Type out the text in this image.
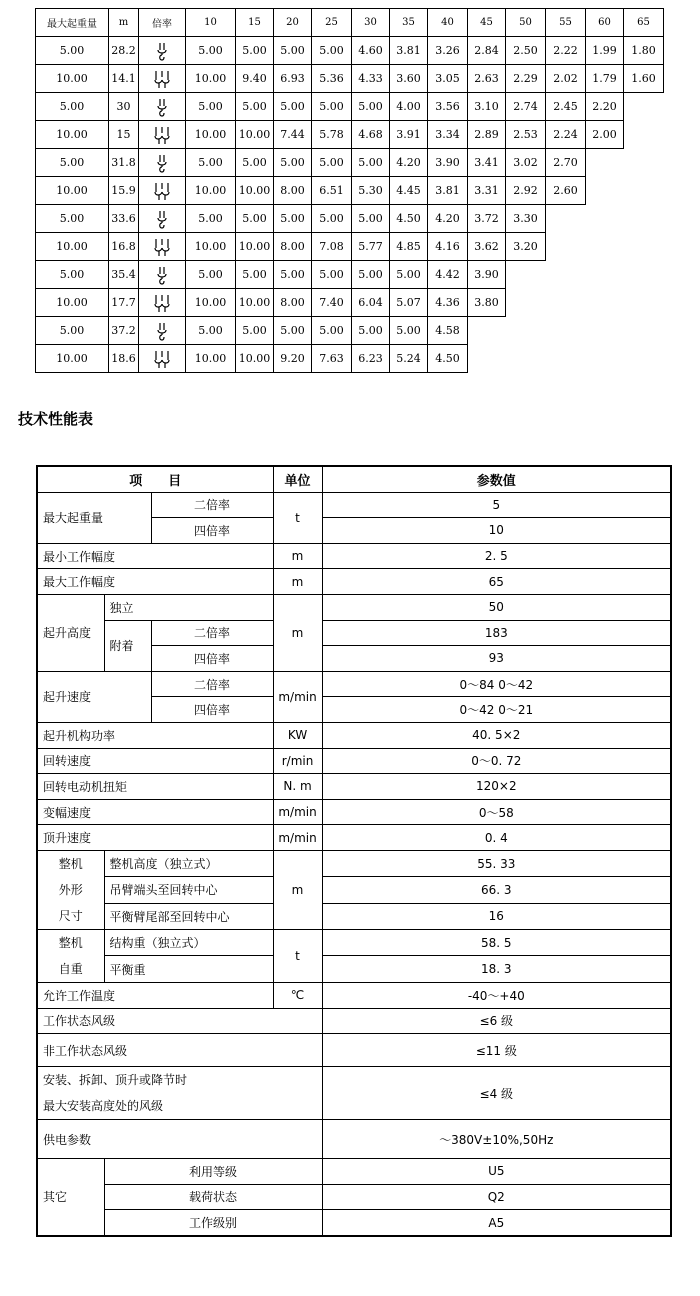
最大起重量	m	倍率	10	15	20	25	30	35	40	45	50	55	60	65
5.00	28.2		5.00	5.00	5.00	5.00	4.60	3.81	3.26	2.84	2.50	2.22	1.99	1.80
10.00	14.1		10.00	9.40	6.93	5.36	4.33	3.60	3.05	2.63	2.29	2.02	1.79	1.60
5.00	30		5.00	5.00	5.00	5.00	5.00	4.00	3.56	3.10	2.74	2.45	2.20	
10.00	15		10.00	10.00	7.44	5.78	4.68	3.91	3.34	2.89	2.53	2.24	2.00	
5.00	31.8		5.00	5.00	5.00	5.00	5.00	4.20	3.90	3.41	3.02	2.70		
10.00	15.9		10.00	10.00	8.00	6.51	5.30	4.45	3.81	3.31	2.92	2.60		
5.00	33.6		5.00	5.00	5.00	5.00	5.00	4.50	4.20	3.72	3.30			
10.00	16.8		10.00	10.00	8.00	7.08	5.77	4.85	4.16	3.62	3.20			
5.00	35.4		5.00	5.00	5.00	5.00	5.00	5.00	4.42	3.90				
10.00	17.7		10.00	10.00	8.00	7.40	6.04	5.07	4.36	3.80				
5.00	37.2		5.00	5.00	5.00	5.00	5.00	5.00	4.58					
10.00	18.6		10.00	10.00	9.20	7.63	6.23	5.24	4.50					
技术性能表
项　　目			单位	参数值
最大起重量		二倍率	t	5
		四倍率		10
最小工作幅度			m	2. 5
最大工作幅度			m	65
起升高度	独立		m	50
	附着	二倍率		183
		四倍率		93
起升速度		二倍率	m/min	0～84 0～42
		四倍率		0～42 0～21
起升机构功率			KW	40. 5×2
回转速度			r/min	0～0. 72
回转电动机扭矩			N. m	120×2
变幅速度			m/min	0～58
顶升速度			m/min	0. 4
整机
外形
尺寸	整机高度（独立式）		m	55. 33
	吊臂端头至回转中心			66. 3
	平衡臂尾部至回转中心			16
整机
自重	结构重（独立式）		t	58. 5
	平衡重			18. 3
允许工作温度			℃	-40～+40
工作状态风级				≤6 级
非工作状态风级				≤11 级
安装、拆卸、顶升或降节时
最大安装高度处的风级				≤4 级
供电参数				～380V±10%,50Hz
其它	利用等级			U5
	载荷状态			Q2
	工作级别			A5
